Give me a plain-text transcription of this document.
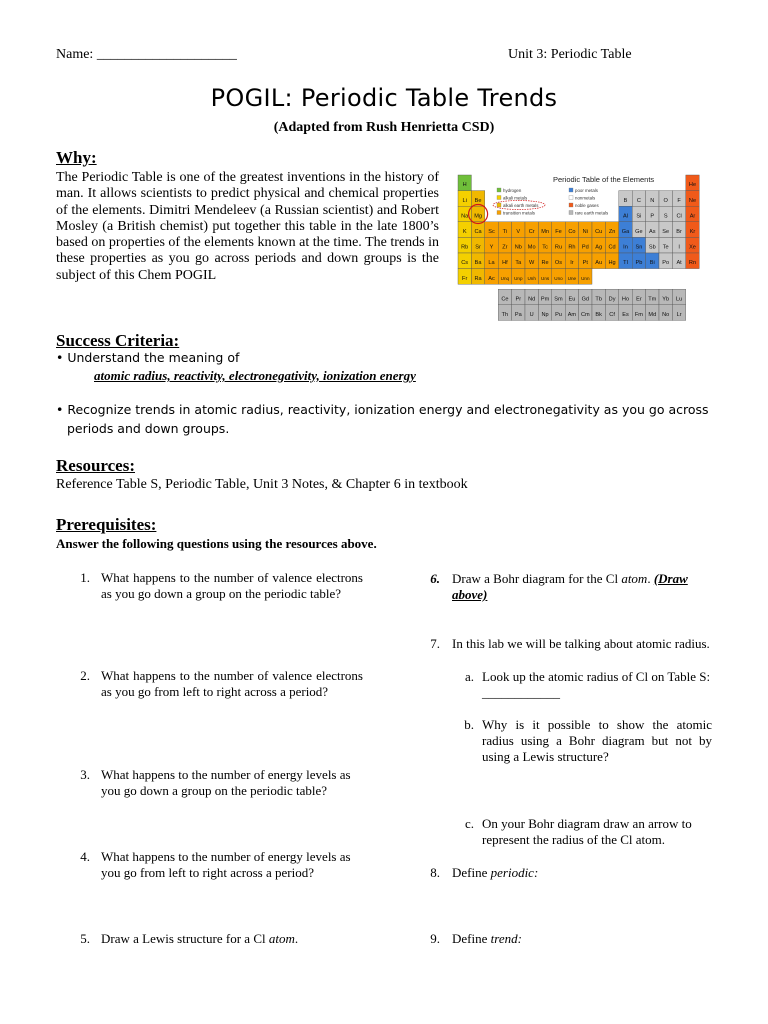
Name: ____________________	Unit 3: Periodic Table
POGIL: Periodic Table Trends
(Adapted from Rush Henrietta CSD)
Why:
The Periodic Table is one of the greatest inventions in the history of man. It allows scientists to predict physical and chemical properties of the elements. Dimitri Mendeleev (a Russian scientist) and Robert Mosley (a British chemist) put together this table in the late 1800’s based on properties of the elements known at the time. The trends in these properties as you go across periods and down groups is the subject of this Chem POGIL
Periodic Table of the Elements
H	He
Li Be	B C N O F Ne
Na Mg	Al Si P S Cl Ar
K Ca Sc Ti V Cr Mn Fe Co Ni Cu Zn Ga Ge As Se Br Kr
Rb Sr Y Zr Nb Mo Tc Ru Rh Pd Ag Cd In Sn Sb Te I Xe
Cs Ba La Hf Ta W Re Os Ir Pt Au Hg Tl Pb Bi Po At Rn
Fr Ra Ac Unq Unp Unh Uns Uno Une Unn
Ce Pr Nd Pm Sm Eu Gd Tb Dy Ho Er Tm Yb Lu
Th Pa U Np Pu Am Cm Bk Cf Es Fm Md No Lr
hydrogen
alkali metals
alkali earth metals
transition metals
poor metals
nonmetals
noble gases
rare earth metals
Success Criteria:
• Understand the meaning of
atomic radius, reactivity, electronegativity, ionization energy
• Recognize trends in atomic radius, reactivity, ionization energy and electronegativity as you go across
periods and down groups.
Resources:
Reference Table S, Periodic Table, Unit 3 Notes, & Chapter 6 in textbook
Prerequisites:
Answer the following questions using the resources above.
1. What happens to the number of valence electrons as you go down a group on the periodic table?
2. What happens to the number of valence electrons as you go from left to right across a period?
3. What happens to the number of energy levels as you go down a group on the periodic table?
4. What happens to the number of energy levels as you go from left to right across a period?
5. Draw a Lewis structure for a Cl atom.
6. Draw a Bohr diagram for the Cl atom. (Draw above)
7. In this lab we will be talking about atomic radius.
a. Look up the atomic radius of Cl on Table S: ____________
b. Why is it possible to show the atomic radius using a Bohr diagram but not by using a Lewis structure?
c. On your Bohr diagram draw an arrow to represent the radius of the Cl atom.
8. Define periodic:
9. Define trend:
